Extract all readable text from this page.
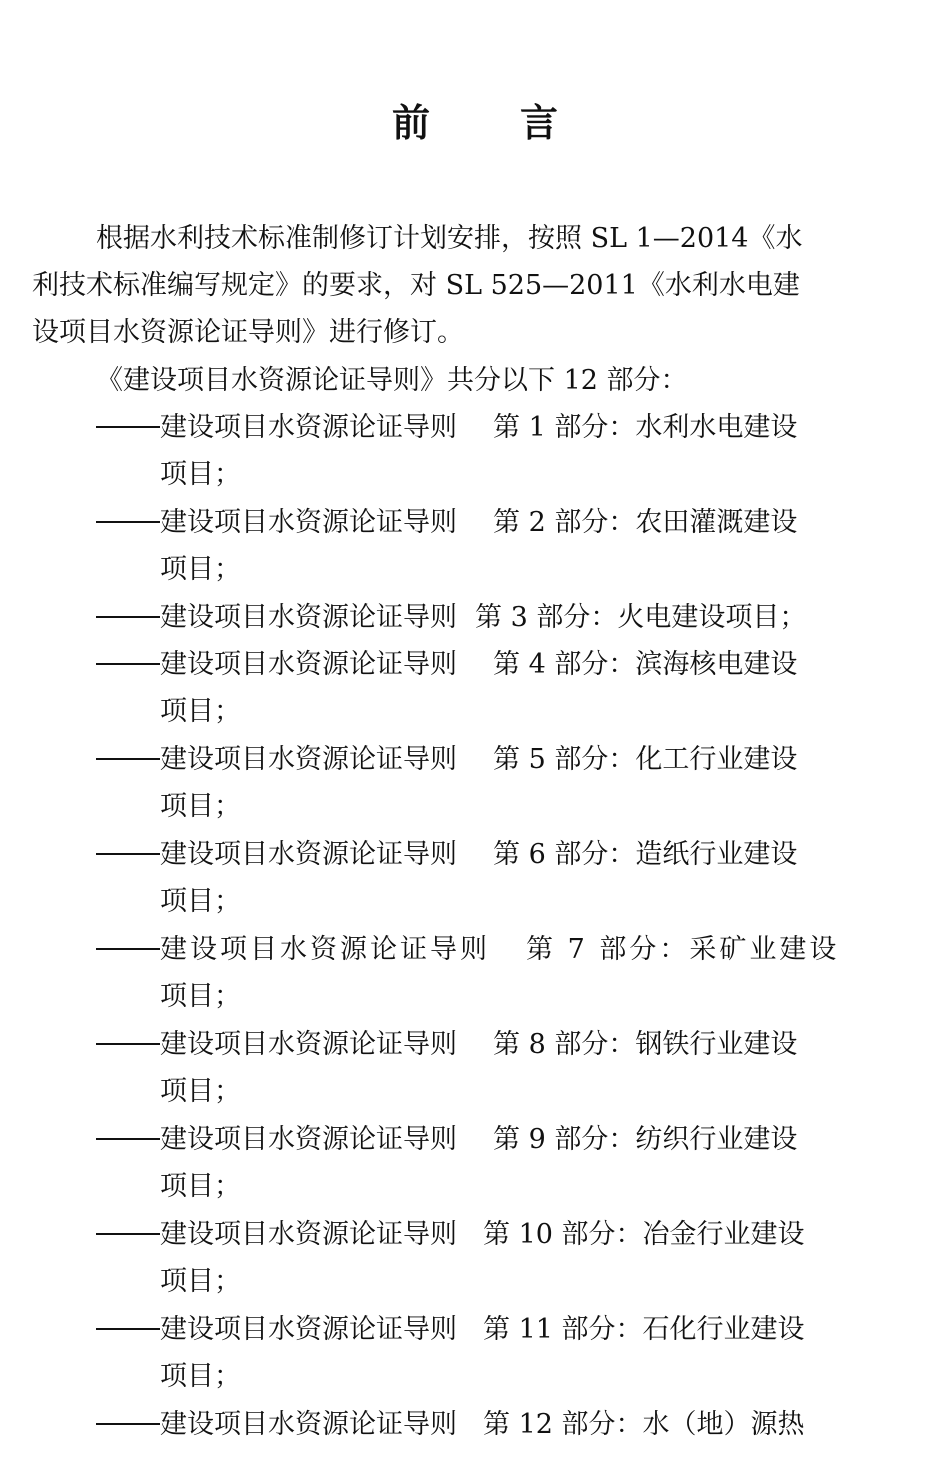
前 言
根据水利技术标准制修订计划安排，按照 SL 1—2014《水
利技术标准编写规定》的要求，对 SL 525—2011《水利水电建
设项目水资源论证导则》进行修订。
《建设项目水资源论证导则》共分以下 12 部分：
建设项目水资源论证导则 第 1 部分：水利水电建设
项目；
建设项目水资源论证导则 第 2 部分：农田灌溉建设
项目；
建设项目水资源论证导则 第 3 部分：火电建设项目；
建设项目水资源论证导则 第 4 部分：滨海核电建设
项目；
建设项目水资源论证导则 第 5 部分：化工行业建设
项目；
建设项目水资源论证导则 第 6 部分：造纸行业建设
项目；
建设项目水资源论证导则 第 7 部分：采矿业建设
项目；
建设项目水资源论证导则 第 8 部分：钢铁行业建设
项目；
建设项目水资源论证导则 第 9 部分：纺织行业建设
项目；
建设项目水资源论证导则 第 10 部分：冶金行业建设
项目；
建设项目水资源论证导则 第 11 部分：石化行业建设
项目；
建设项目水资源论证导则 第 12 部分：水（地）源热
